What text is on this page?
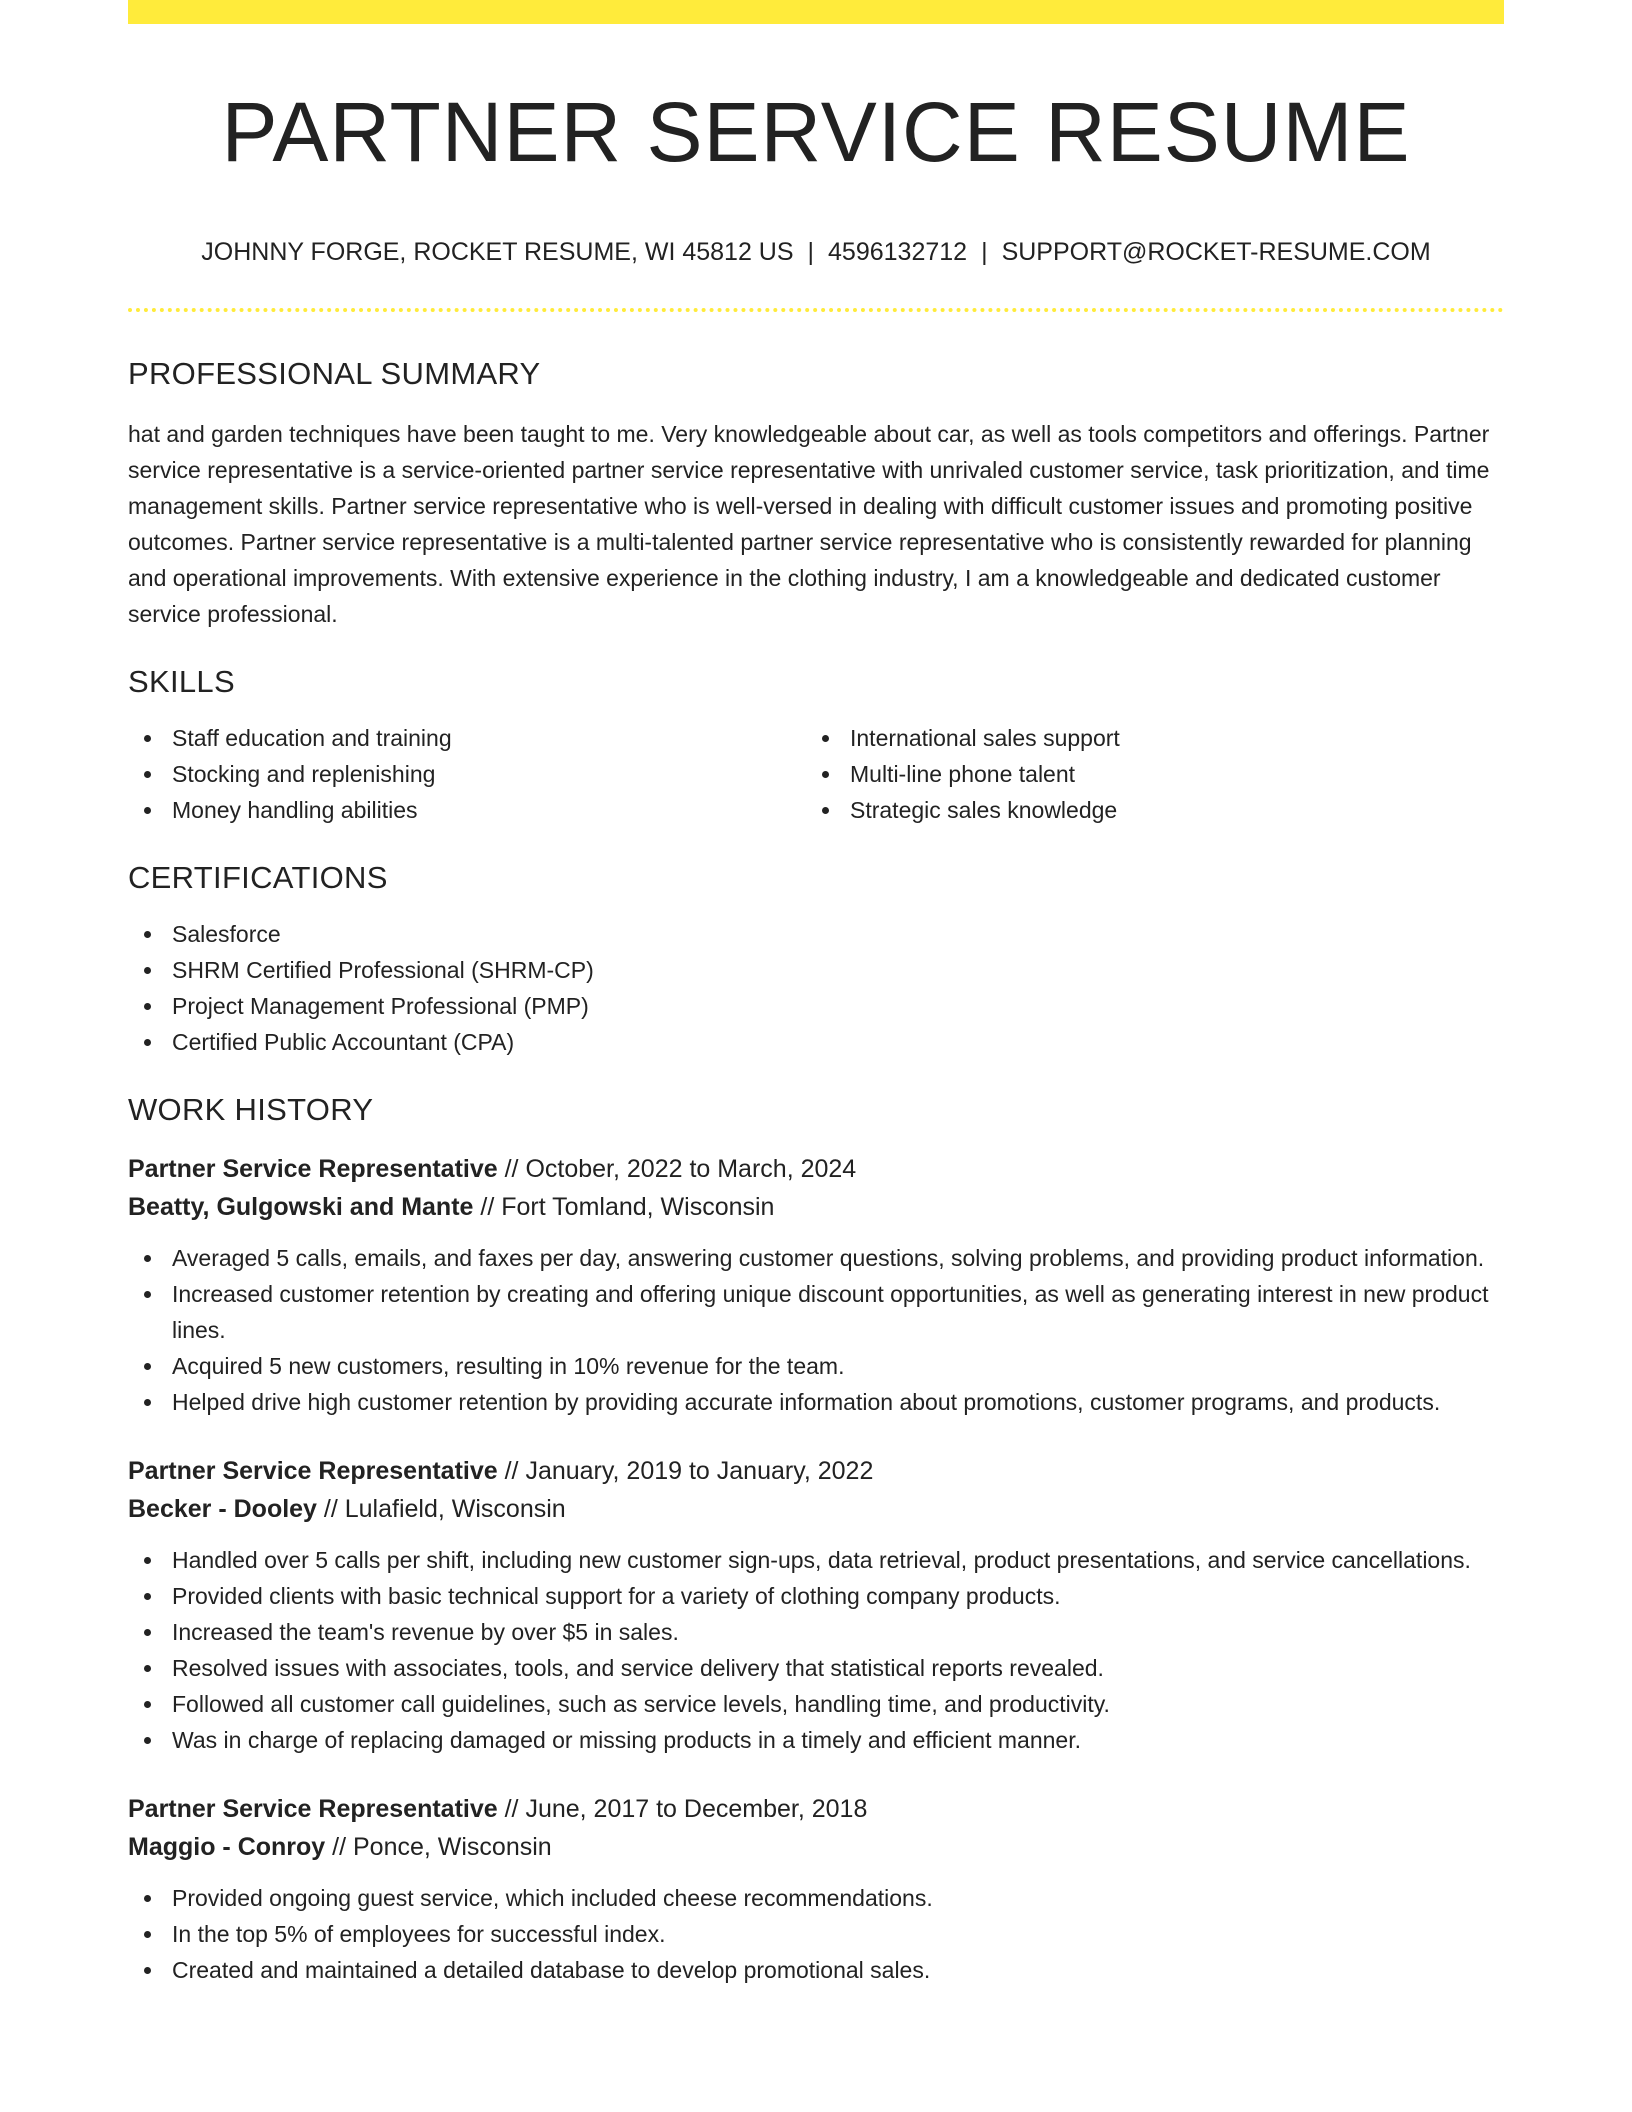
PARTNER SERVICE RESUME
JOHNNY FORGE, ROCKET RESUME, WI 45812 US | 4596132712 | SUPPORT@ROCKET-RESUME.COM
PROFESSIONAL SUMMARY

hat and garden techniques have been taught to me. Very knowledgeable about car, as well as tools competitors and offerings. Partner service representative is a service-oriented partner service representative with unrivaled customer service, task prioritization, and time management skills. Partner service representative who is well-versed in dealing with difficult customer issues and promoting positive outcomes. Partner service representative is a multi-talented partner service representative who is consistently rewarded for planning and operational improvements. With extensive experience in the clothing industry, I am a knowledgeable and dedicated customer service professional.

SKILLS
Staff education and training
Stocking and replenishing
Money handling abilities
International sales support
Multi-line phone talent
Strategic sales knowledge
CERTIFICATIONS
Salesforce
SHRM Certified Professional (SHRM-CP)
Project Management Professional (PMP)
Certified Public Accountant (CPA)
WORK HISTORY
Partner Service Representative // October, 2022 to March, 2024
Beatty, Gulgowski and Mante // Fort Tomland, Wisconsin
Averaged 5 calls, emails, and faxes per day, answering customer questions, solving problems, and providing product information.
Increased customer retention by creating and offering unique discount opportunities, as well as generating interest in new product lines.
Acquired 5 new customers, resulting in 10% revenue for the team.
Helped drive high customer retention by providing accurate information about promotions, customer programs, and products.
Partner Service Representative // January, 2019 to January, 2022
Becker - Dooley // Lulafield, Wisconsin
Handled over 5 calls per shift, including new customer sign-ups, data retrieval, product presentations, and service cancellations.
Provided clients with basic technical support for a variety of clothing company products.
Increased the team's revenue by over $5 in sales.
Resolved issues with associates, tools, and service delivery that statistical reports revealed.
Followed all customer call guidelines, such as service levels, handling time, and productivity.
Was in charge of replacing damaged or missing products in a timely and efficient manner.
Partner Service Representative // June, 2017 to December, 2018
Maggio - Conroy // Ponce, Wisconsin
Provided ongoing guest service, which included cheese recommendations.
In the top 5% of employees for successful index.
Created and maintained a detailed database to develop promotional sales.
